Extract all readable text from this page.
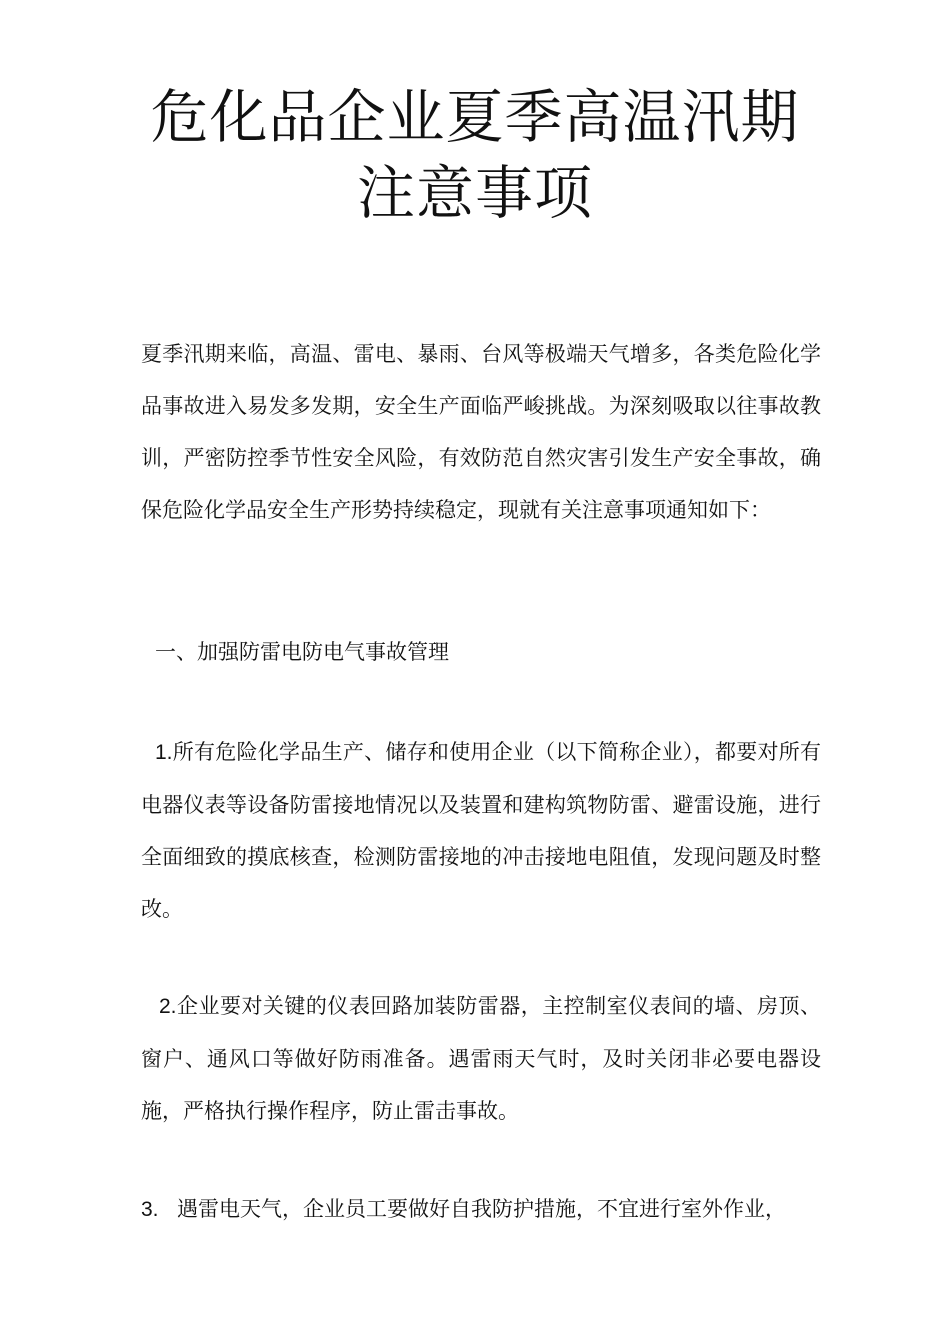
危化品企业夏季高温汛期
注意事项

夏季汛期来临，高温、雷电、暴雨、台风等极端天气增多，各类危险化学品事故进入易发多发期，安全生产面临严峻挑战。为深刻吸取以往事故教训，严密防控季节性安全风险，有效防范自然灾害引发生产安全事故，确保危险化学品安全生产形势持续稳定，现就有关注意事项通知如下：

一、加强防雷电防电气事故管理

1.所有危险化学品生产、储存和使用企业（以下简称企业），都要对所有电器仪表等设备防雷接地情况以及装置和建构筑物防雷、避雷设施，进行全面细致的摸底核查，检测防雷接地的冲击接地电阻值，发现问题及时整改。

2.企业要对关键的仪表回路加装防雷器，主控制室仪表间的墙、房顶、窗户、通风口等做好防雨准备。遇雷雨天气时，及时关闭非必要电器设施，严格执行操作程序，防止雷击事故。

3. 遇雷电天气，企业员工要做好自我防护措施，不宜进行室外作业，
